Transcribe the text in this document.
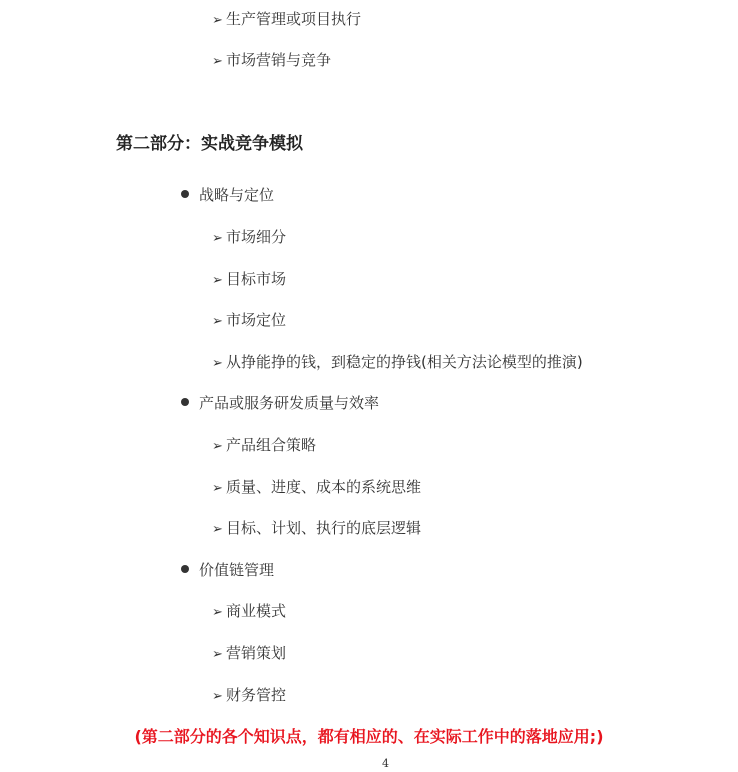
➢ 生产管理或项目执行
➢ 市场营销与竞争
第二部分：实战竞争模拟
战略与定位
➢ 市场细分
➢ 目标市场
➢ 市场定位
➢ 从挣能挣的钱，到稳定的挣钱(相关方法论模型的推演)
产品或服务研发质量与效率
➢ 产品组合策略
➢ 质量、进度、成本的系统思维
➢ 目标、计划、执行的底层逻辑
价值链管理
➢ 商业模式
➢ 营销策划
➢ 财务管控
(第二部分的各个知识点，都有相应的、在实际工作中的落地应用;)
4
